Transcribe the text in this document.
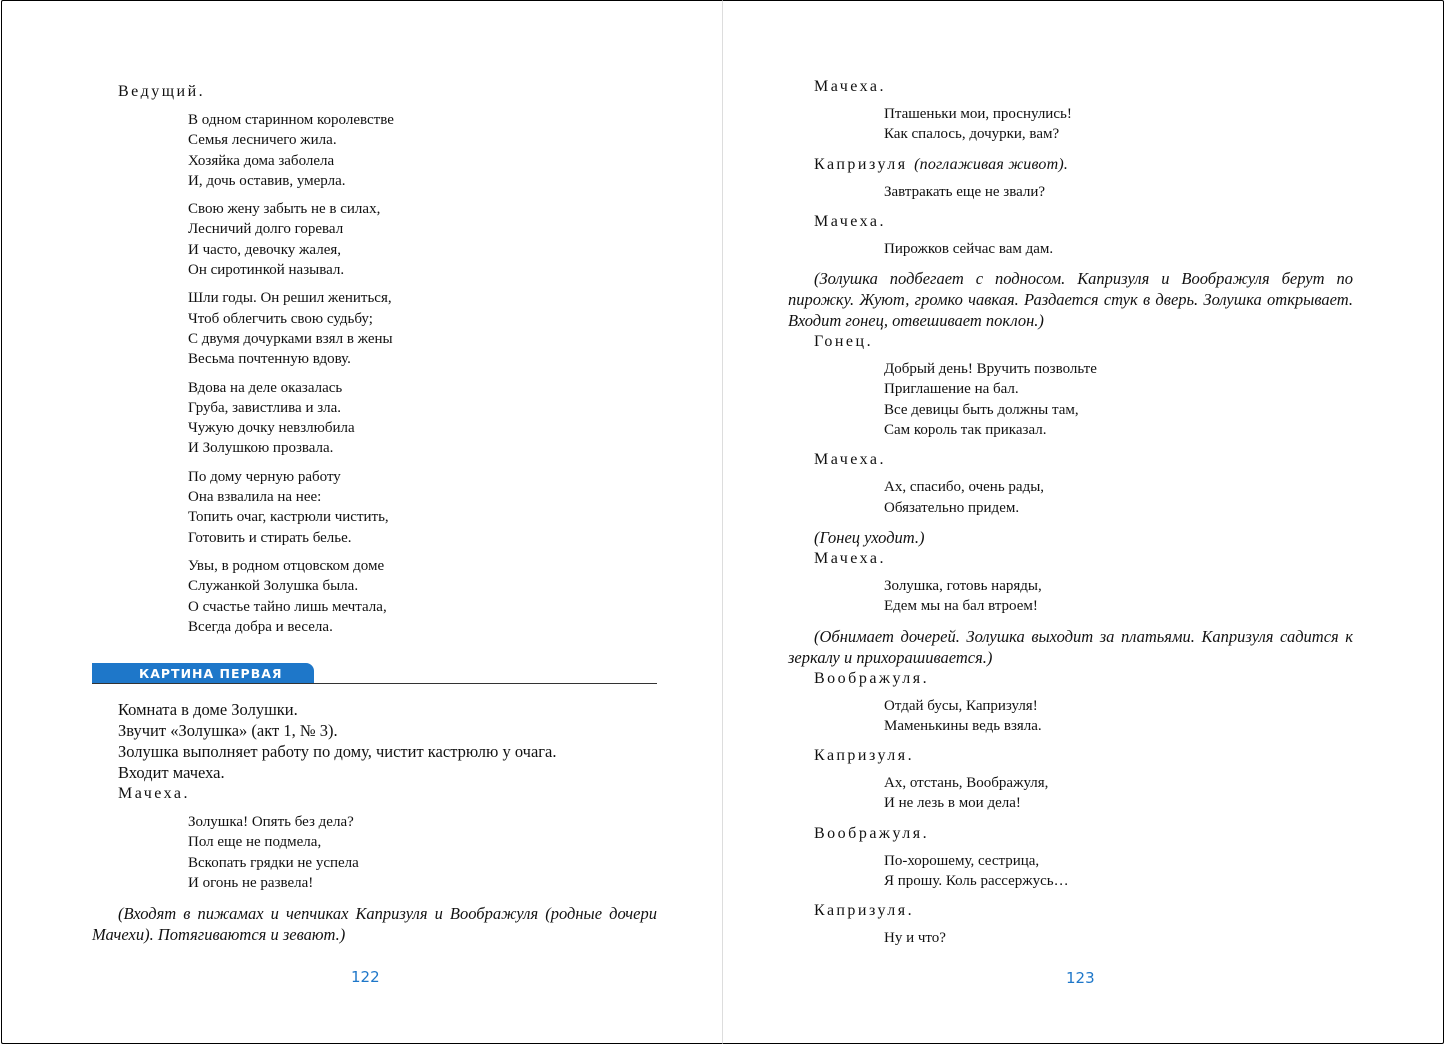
Ведущий.

В одном старинном королевстве
Семья лесничего жила.
Хозяйка дома заболела
И, дочь оставив, умерла.
Свою жену забыть не в силах,
Лесничий долго горевал
И часто, девочку жалея,
Он сиротинкой называл.
Шли годы. Он решил жениться,
Чтоб облегчить свою судьбу;
С двумя дочурками взял в жены
Весьма почтенную вдову.
Вдова на деле оказалась
Груба, завистлива и зла.
Чужую дочку невзлюбила
И Золушкою прозвала.
По дому черную работу
Она взвалила на нее:
Топить очаг, кастрюли чистить,
Готовить и стирать белье.
Увы, в родном отцовском доме
Служанкой Золушка была.
О счастье тайно лишь мечтала,
Всегда добра и весела.
КАРТИНА ПЕРВАЯ

Комната в доме Золушки.

Звучит «Золушка» (акт 1, № 3).

Золушка выполняет работу по дому, чистит кастрюлю у очага.

Входит мачеха.

Мачеха.

Золушка! Опять без дела?
Пол еще не подмела,
Вскопать грядки не успела
И огонь не развела!

(Входят в пижамах и чепчиках Капризуля и Воображуля (родные дочери Мачехи). Потягиваются и зевают.)

122

Мачеха.

Пташеньки мои, проснулись!
Как спалось, дочурки, вам?

Капризуля (поглаживая живот).

Завтракать еще не звали?

Мачеха.

Пирожков сейчас вам дам.

(Золушка подбегает с подносом. Капризуля и Воображуля берут по пирожку. Жуют, громко чавкая. Раздается стук в дверь. Золушка открывает. Входит гонец, отвешивает поклон.)

Гонец.

Добрый день! Вручить позвольте
Приглашение на бал.
Все девицы быть должны там,
Сам король так приказал.

Мачеха.

Ах, спасибо, очень рады,
Обязательно придем.

(Гонец уходит.)

Мачеха.

Золушка, готовь наряды,
Едем мы на бал втроем!

(Обнимает дочерей. Золушка выходит за платьями. Капризуля садится к зеркалу и прихорашивается.)

Воображуля.

Отдай бусы, Капризуля!
Маменькины ведь взяла.

Капризуля.

Ах, отстань, Воображуля,
И не лезь в мои дела!

Воображуля.

По-хорошему, сестрица,
Я прошу. Коль рассержусь…

Капризуля.

Ну и что?
123
